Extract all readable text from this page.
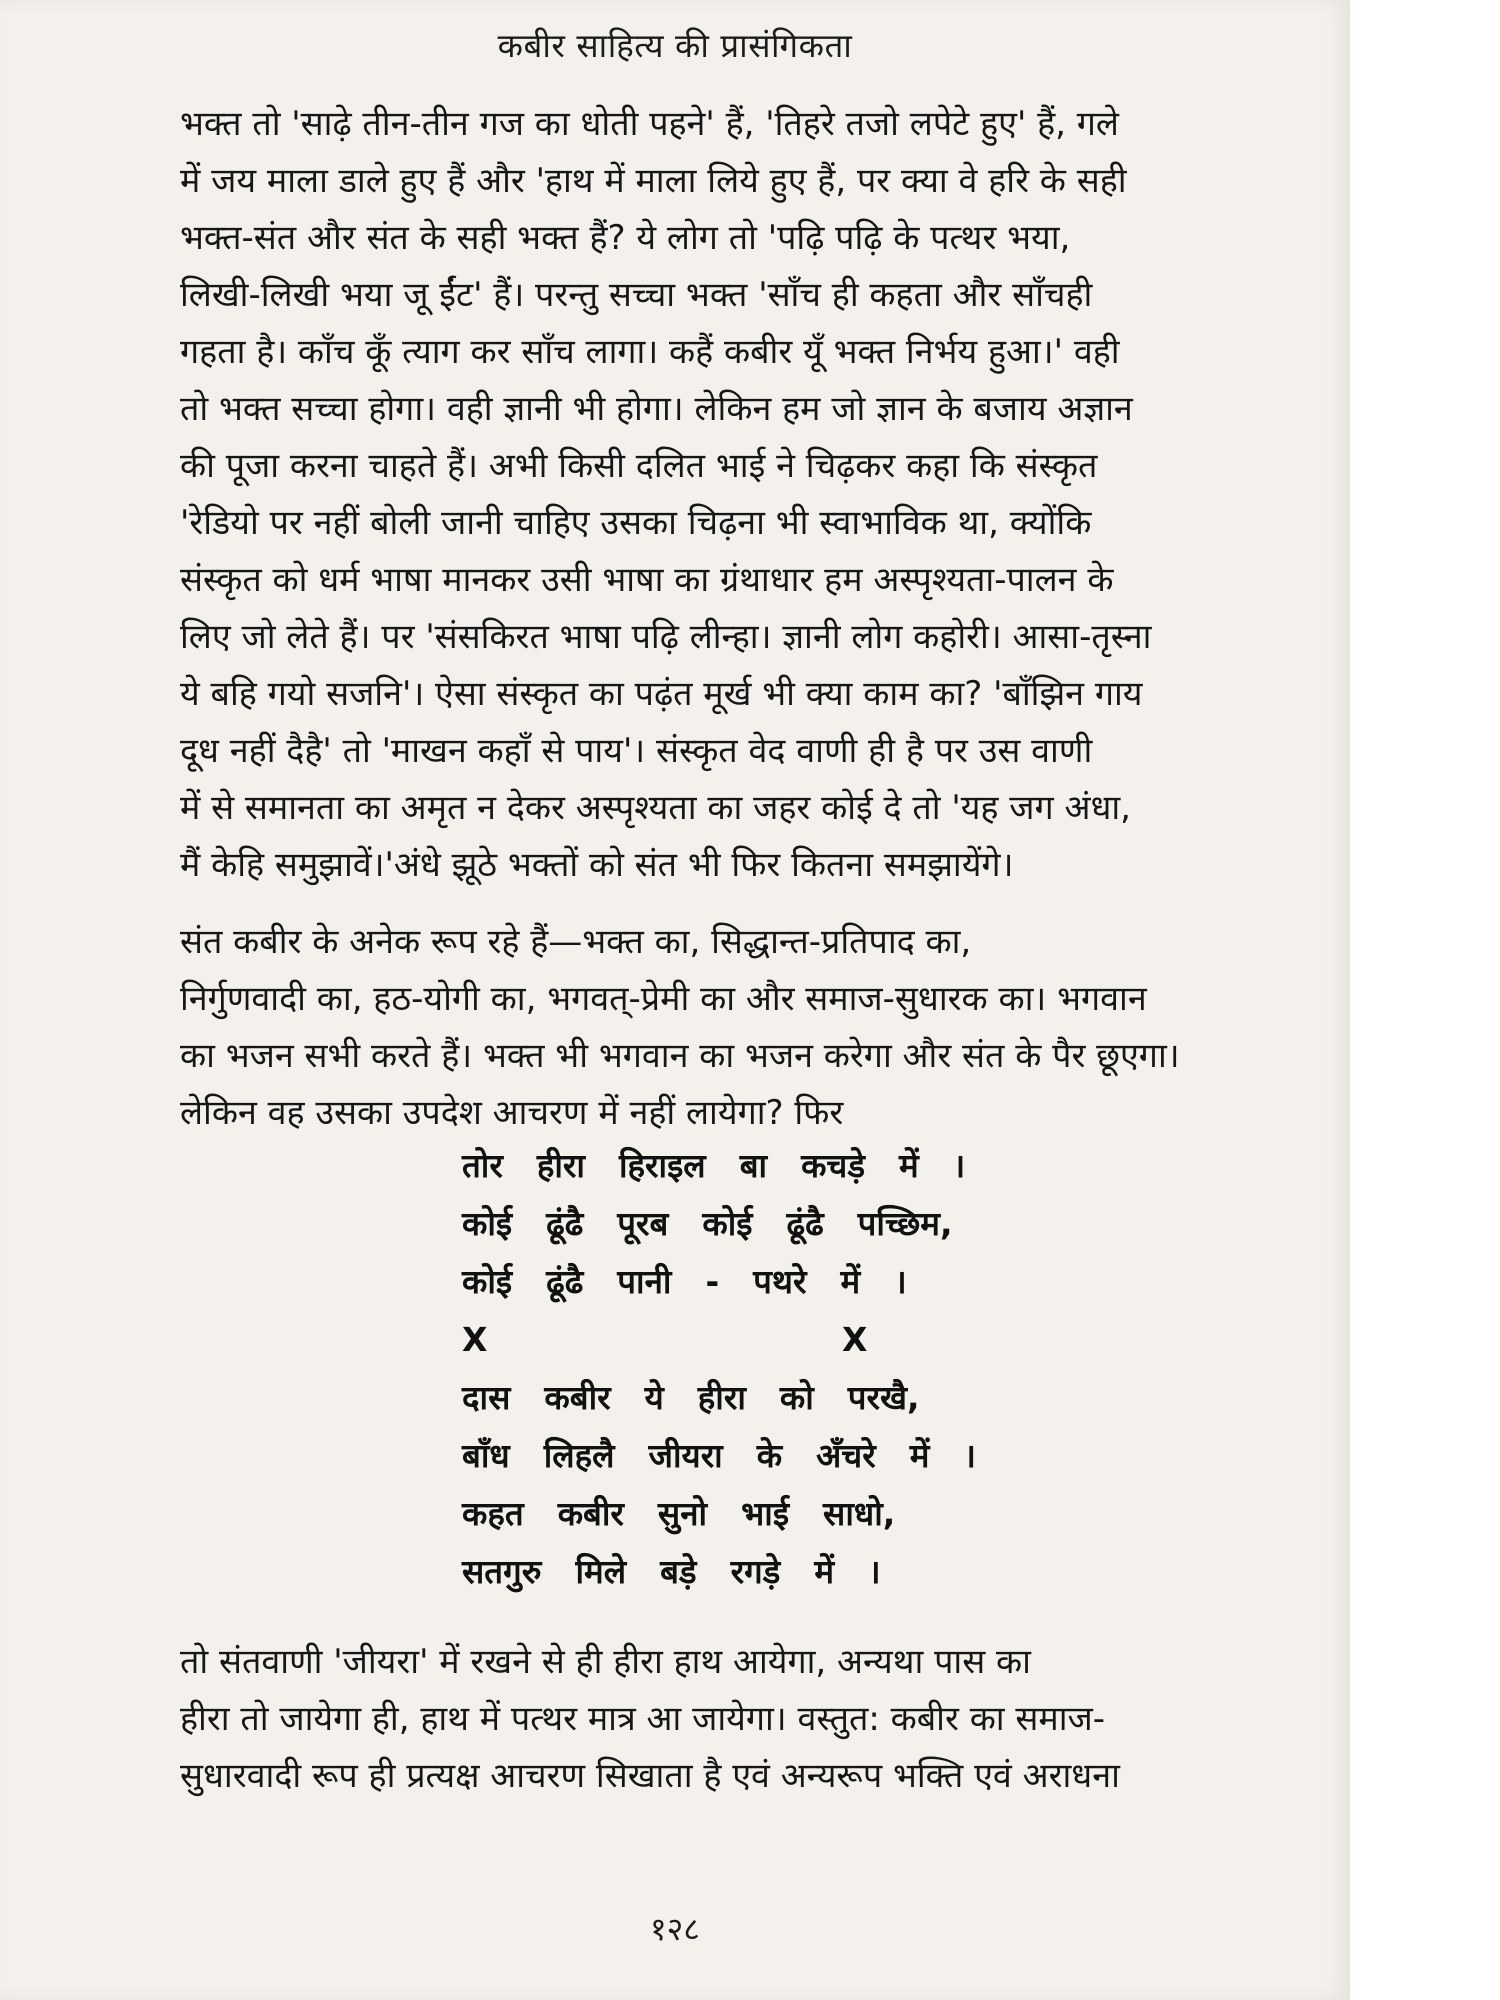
कबीर साहित्य की प्रासंगिकता

भक्त तो 'साढ़े तीन-तीन गज का धोती पहने' हैं, 'तिहरे तजो लपेटे हुए' हैं, गले
में जय माला डाले हुए हैं और 'हाथ में माला लिये हुए हैं, पर क्या वे हरि के सही
भक्त-संत और संत के सही भक्त हैं? ये लोग तो 'पढ़ि पढ़ि के पत्थर भया,
लिखी-लिखी भया जू ईंट' हैं। परन्तु सच्चा भक्त 'साँच ही कहता और साँचही
गहता है। काँच कूँ त्याग कर साँच लागा। कहैं कबीर यूँ भक्त निर्भय हुआ।' वही
तो भक्त सच्चा होगा। वही ज्ञानी भी होगा। लेकिन हम जो ज्ञान के बजाय अज्ञान
की पूजा करना चाहते हैं। अभी किसी दलित भाई ने चिढ़कर कहा कि संस्कृत
'रेडियो पर नहीं बोली जानी चाहिए उसका चिढ़ना भी स्वाभाविक था, क्योंकि
संस्कृत को धर्म भाषा मानकर उसी भाषा का ग्रंथाधार हम अस्पृश्यता-पालन के
लिए जो लेते हैं। पर 'संसकिरत भाषा पढ़ि लीन्हा। ज्ञानी लोग कहोरी। आसा-तृस्ना
ये बहि गयो सजनि'। ऐसा संस्कृत का पढ़ंत मूर्ख भी क्या काम का? 'बाँझिन गाय
दूध नहीं दैहै' तो 'माखन कहाँ से पाय'। संस्कृत वेद वाणी ही है पर उस वाणी
में से समानता का अमृत न देकर अस्पृश्यता का जहर कोई दे तो 'यह जग अंधा,
मैं केहि समुझावें।'अंधे झूठे भक्तों को संत भी फिर कितना समझायेंगे।

संत कबीर के अनेक रूप रहे हैं—भक्त का, सिद्धान्त-प्रतिपाद का,
निर्गुणवादी का, हठ-योगी का, भगवत्-प्रेमी का और समाज-सुधारक का। भगवान
का भजन सभी करते हैं। भक्त भी भगवान का भजन करेगा और संत के पैर छूएगा।
लेकिन वह उसका उपदेश आचरण में नहीं लायेगा? फिर

तोर हीरा हिराइल बा कचड़े में ।
कोई ढूंढै पूरब कोई ढूंढै पच्छिम,
कोई ढूंढै पानी - पथरे में ।
X	X
दास कबीर ये हीरा को परखै,
बाँध लिहलै जीयरा के अँचरे में ।
कहत कबीर सुनो भाई साधो,
सतगुरु मिले बड़े रगड़े में ।
तो संतवाणी 'जीयरा' में रखने से ही हीरा हाथ आयेगा, अन्यथा पास का
हीरा तो जायेगा ही, हाथ में पत्थर मात्र आ जायेगा। वस्तुत: कबीर का समाज-
सुधारवादी रूप ही प्रत्यक्ष आचरण सिखाता है एवं अन्यरूप भक्ति एवं अराधना
१२८
